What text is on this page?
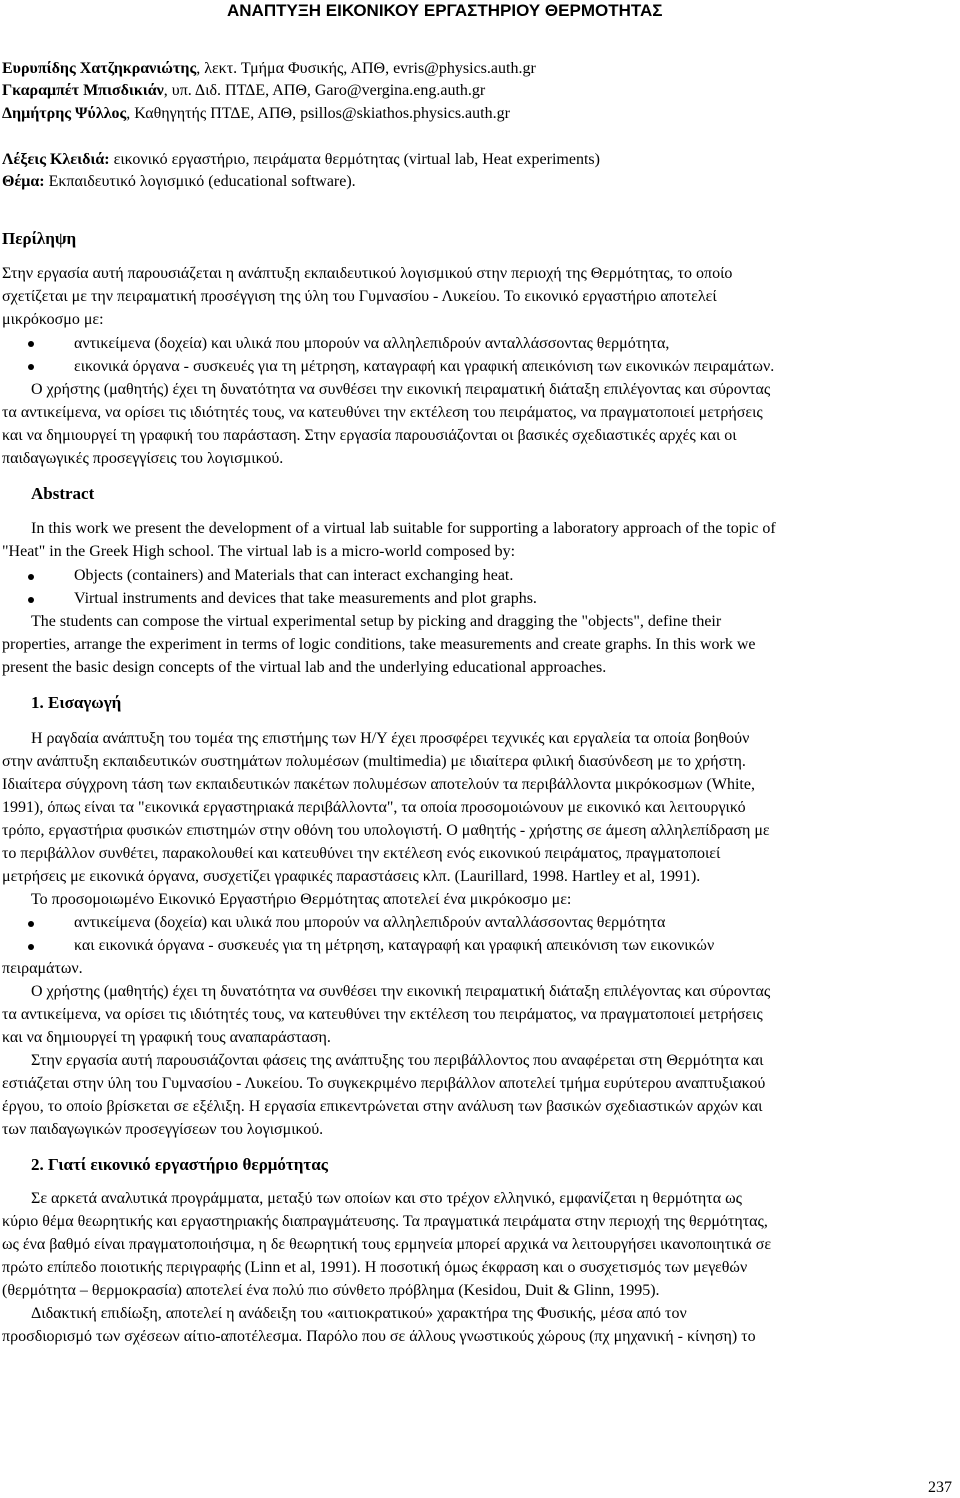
ΑΝΑΠΤΥΞΗ ΕΙΚΟΝΙΚΟΥ ΕΡΓΑΣΤΗΡΙΟΥ ΘΕΡΜΟΤΗΤΑΣ
Ευρυπίδης Χατζηκρανιώτης, λεκτ. Τμήμα Φυσικής, ΑΠΘ, evris@physics.auth.gr
Γκαραμπέτ Μπισδικιάν, υπ. Διδ. ΠΤΔΕ, ΑΠΘ, Garo@vergina.eng.auth.gr
Δημήτρης Ψύλλος, Καθηγητής ΠΤΔΕ, ΑΠΘ, psillos@skiathos.physics.auth.gr
Λέξεις Κλειδιά: εικονικό εργαστήριο, πειράματα θερμότητας (virtual lab, Heat experiments)
Θέμα: Εκπαιδευτικό λογισμικό (educational software).
Περίληψη
Στην εργασία αυτή παρουσιάζεται η ανάπτυξη εκπαιδευτικού λογισμικού στην περιοχή της Θερμότητας, το οποίο
σχετίζεται με την πειραματική προσέγγιση της ύλη του Γυμνασίου - Λυκείου. Το εικονικό εργαστήριο αποτελεί
μικρόκοσμο με:
αντικείμενα (δοχεία) και υλικά που μπορούν να αλληλεπιδρούν ανταλλάσσοντας θερμότητα,
εικονικά όργανα - συσκευές για τη μέτρηση, καταγραφή και γραφική απεικόνιση των εικονικών πειραμάτων.
Ο χρήστης (μαθητής) έχει τη δυνατότητα να συνθέσει την εικονική πειραματική διάταξη επιλέγοντας και σύροντας
τα αντικείμενα, να ορίσει τις ιδιότητές τους, να κατευθύνει την εκτέλεση του πειράματος, να πραγματοποιεί μετρήσεις
και να δημιουργεί τη γραφική του παράσταση. Στην εργασία παρουσιάζονται οι βασικές σχεδιαστικές αρχές και οι
παιδαγωγικές προσεγγίσεις του λογισμικού.
Abstract
In this work we present the development of a virtual lab suitable for supporting a laboratory approach of the topic of
"Heat" in the Greek High school. The virtual lab is a micro-world composed by:
Objects (containers) and Materials that can interact exchanging heat.
Virtual instruments and devices that take measurements and plot graphs.
The students can compose the virtual experimental setup by picking and dragging the "objects", define their
properties, arrange the experiment in terms of logic conditions, take measurements and create graphs. In this work we
present the basic design concepts of the virtual lab and the underlying educational approaches.
1. Εισαγωγή
Η ραγδαία ανάπτυξη του τομέα της επιστήμης των Η/Υ έχει προσφέρει τεχνικές και εργαλεία τα οποία βοηθούν
στην ανάπτυξη εκπαιδευτικών συστημάτων πολυμέσων (multimedia) με ιδιαίτερα φιλική διασύνδεση με το χρήστη.
Ιδιαίτερα σύγχρονη τάση των εκπαιδευτικών πακέτων πολυμέσων αποτελούν τα περιβάλλοντα μικρόκοσμων (White,
1991), όπως είναι τα "εικονικά εργαστηριακά περιβάλλοντα", τα οποία προσομοιώνουν με εικονικό και λειτουργικό
τρόπο, εργαστήρια φυσικών επιστημών στην οθόνη του υπολογιστή. Ο μαθητής - χρήστης σε άμεση αλληλεπίδραση με
το περιβάλλον συνθέτει, παρακολουθεί και κατευθύνει την εκτέλεση ενός εικονικού πειράματος, πραγματοποιεί
μετρήσεις με εικονικά όργανα, συσχετίζει γραφικές παραστάσεις κλπ. (Laurillard, 1998. Hartley et al, 1991).
Το προσομοιωμένο Εικονικό Εργαστήριο Θερμότητας αποτελεί ένα μικρόκοσμο με:
αντικείμενα (δοχεία) και υλικά που μπορούν να αλληλεπιδρούν ανταλλάσσοντας θερμότητα
και εικονικά όργανα - συσκευές για τη μέτρηση, καταγραφή και γραφική απεικόνιση των εικονικών
πειραμάτων.
Ο χρήστης (μαθητής) έχει τη δυνατότητα να συνθέσει την εικονική πειραματική διάταξη επιλέγοντας και σύροντας
τα αντικείμενα, να ορίσει τις ιδιότητές τους, να κατευθύνει την εκτέλεση του πειράματος, να πραγματοποιεί μετρήσεις
και να δημιουργεί τη γραφική τους αναπαράσταση.
Στην εργασία αυτή παρουσιάζονται φάσεις της ανάπτυξης του περιβάλλοντος που αναφέρεται στη Θερμότητα και
εστιάζεται στην ύλη του Γυμνασίου - Λυκείου. Το συγκεκριμένο περιβάλλον αποτελεί τμήμα ευρύτερου αναπτυξιακού
έργου, το οποίο βρίσκεται σε εξέλιξη. Η εργασία επικεντρώνεται στην ανάλυση των βασικών σχεδιαστικών αρχών και
των παιδαγωγικών προσεγγίσεων του λογισμικού.
2. Γιατί εικονικό εργαστήριο θερμότητας
Σε αρκετά αναλυτικά προγράμματα, μεταξύ των οποίων και στο τρέχον ελληνικό, εμφανίζεται η θερμότητα ως
κύριο θέμα θεωρητικής και εργαστηριακής διαπραγμάτευσης. Τα πραγματικά πειράματα στην περιοχή της θερμότητας,
ως ένα βαθμό είναι πραγματοποιήσιμα, η δε θεωρητική τους ερμηνεία μπορεί αρχικά να λειτουργήσει ικανοποιητικά σε
πρώτο επίπεδο ποιοτικής περιγραφής (Linn et al, 1991). Η ποσοτική όμως έκφραση και ο συσχετισμός των μεγεθών
(θερμότητα – θερμοκρασία) αποτελεί ένα πολύ πιο σύνθετο πρόβλημα (Kesidou, Duit & Glinn, 1995).
Διδακτική επιδίωξη, αποτελεί η ανάδειξη του «αιτιοκρατικού» χαρακτήρα της Φυσικής, μέσα από τον
προσδιορισμό των σχέσεων αίτιο-αποτέλεσμα. Παρόλο που σε άλλους γνωστικούς χώρους (πχ μηχανική - κίνηση) το
237
